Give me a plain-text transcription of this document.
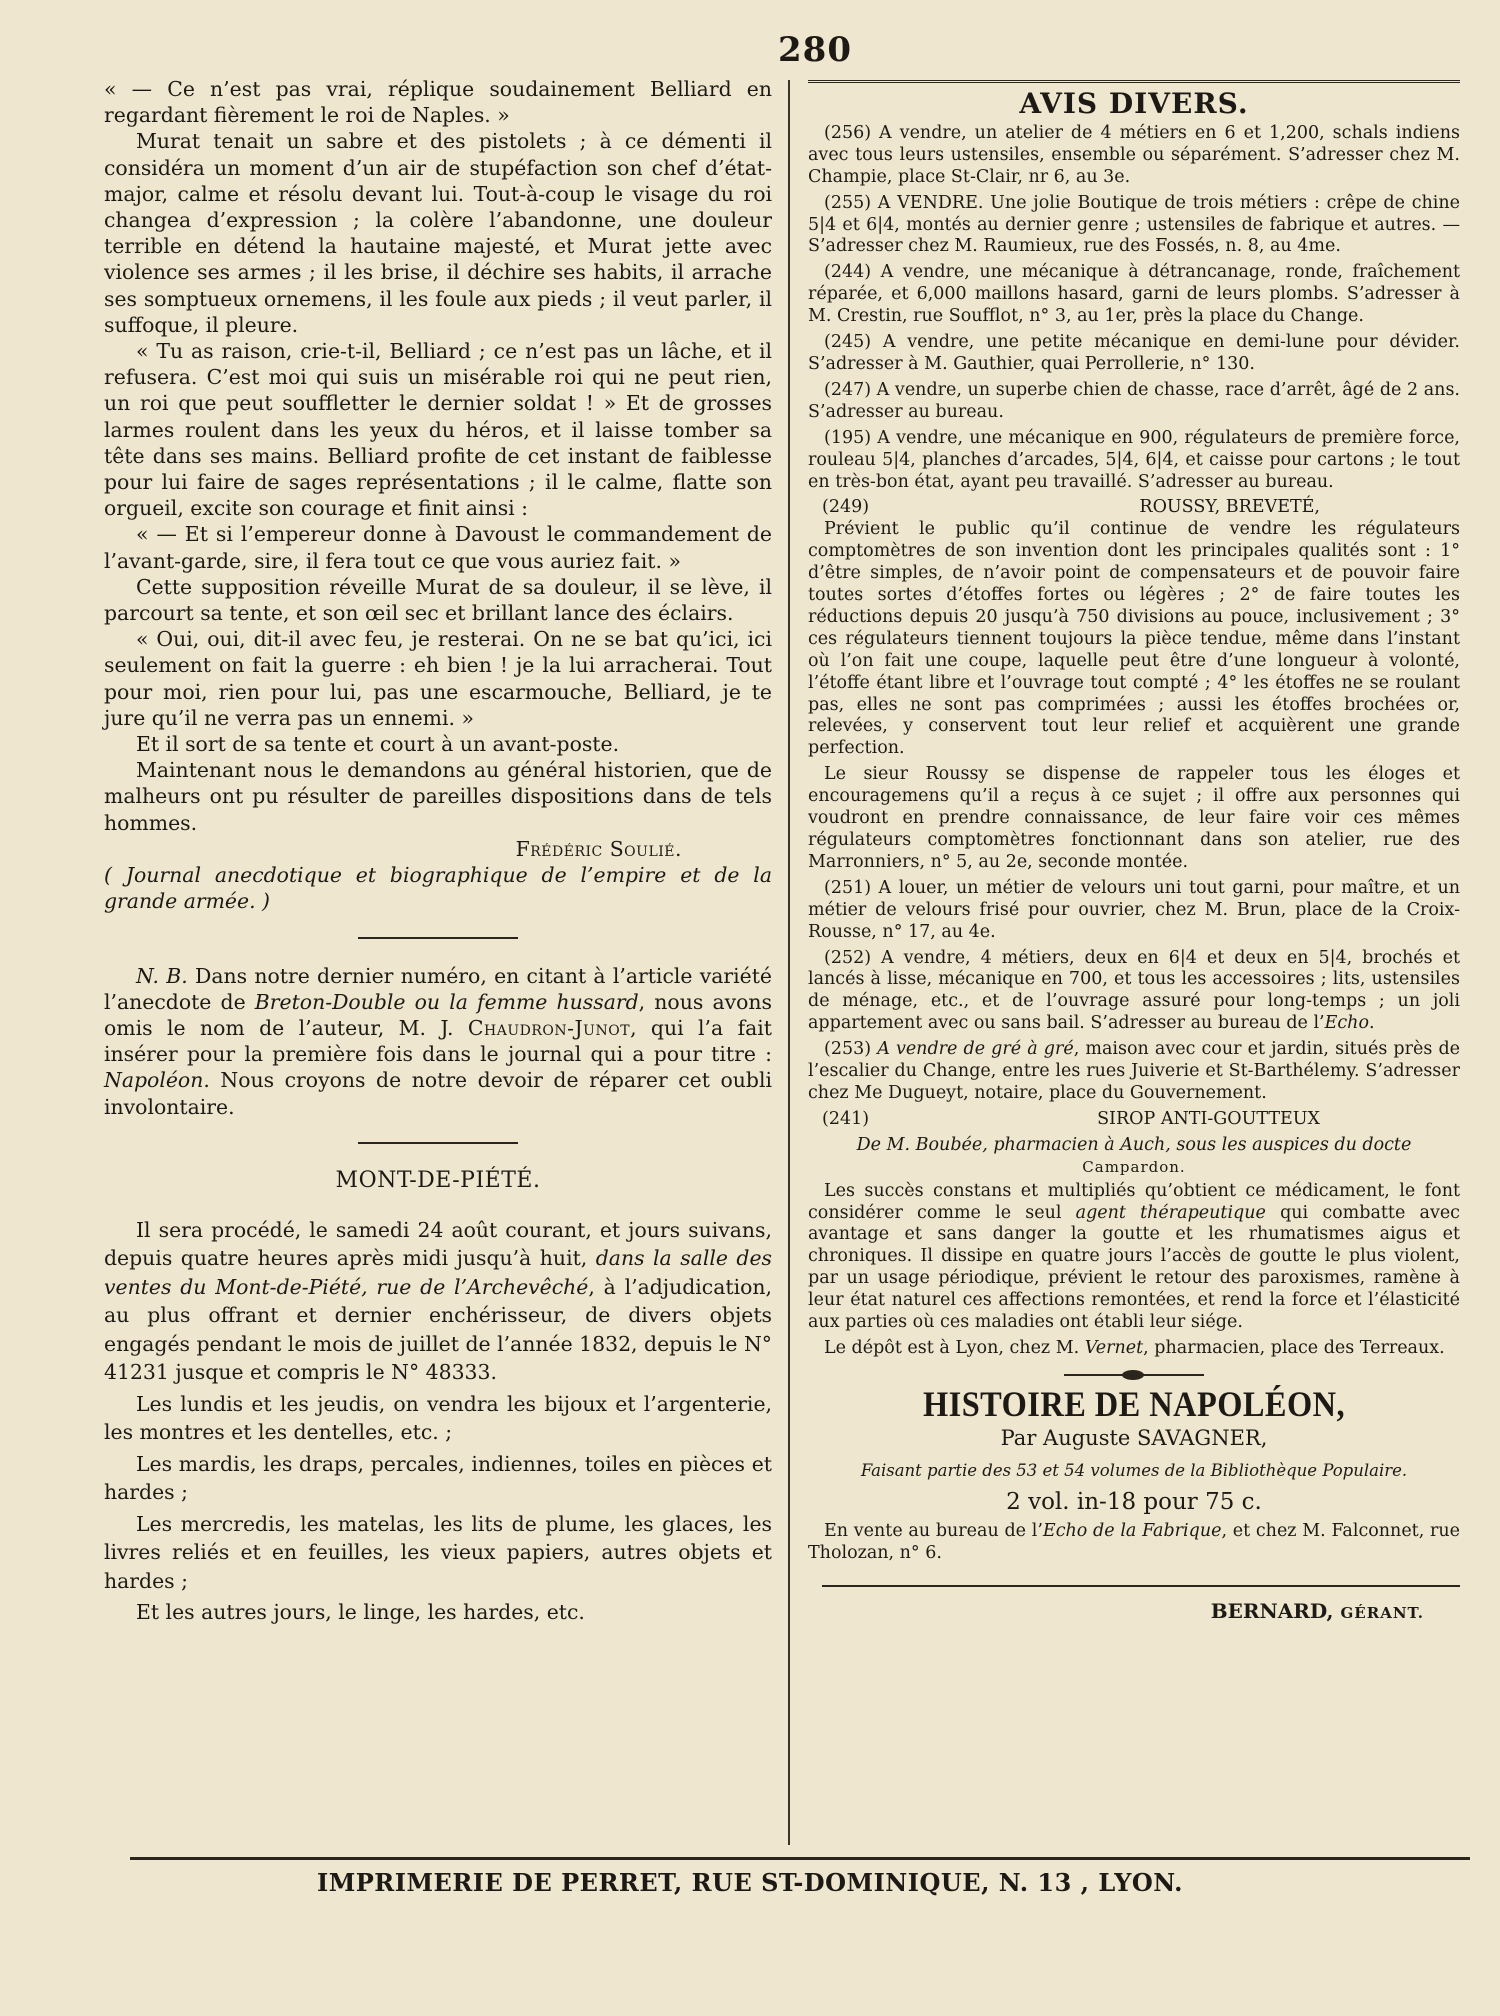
280

« — Ce n’est pas vrai, réplique soudainement Belliard en regardant fièrement le roi de Naples. »

Murat tenait un sabre et des pistolets ; à ce démenti il considéra un moment d’un air de stupéfaction son chef d’état-major, calme et résolu devant lui. Tout-à-coup le visage du roi changea d’expression ; la colère l’abandonne, une douleur terrible en détend la hautaine majesté, et Murat jette avec violence ses armes ; il les brise, il déchire ses habits, il arrache ses somptueux ornemens, il les foule aux pieds ; il veut parler, il suffoque, il pleure.

« Tu as raison, crie-t-il, Belliard ; ce n’est pas un lâche, et il refusera. C’est moi qui suis un misérable roi qui ne peut rien, un roi que peut souffletter le dernier soldat ! » Et de grosses larmes roulent dans les yeux du héros, et il laisse tomber sa tête dans ses mains. Belliard profite de cet instant de faiblesse pour lui faire de sages représentations ; il le calme, flatte son orgueil, excite son courage et finit ainsi :

« — Et si l’empereur donne à Davoust le commandement de l’avant-garde, sire, il fera tout ce que vous auriez fait. »

Cette supposition réveille Murat de sa douleur, il se lève, il parcourt sa tente, et son œil sec et brillant lance des éclairs.

« Oui, oui, dit-il avec feu, je resterai. On ne se bat qu’ici, ici seulement on fait la guerre : eh bien ! je la lui arracherai. Tout pour moi, rien pour lui, pas une escarmouche, Belliard, je te jure qu’il ne verra pas un ennemi. »

Et il sort de sa tente et court à un avant-poste.

Maintenant nous le demandons au général historien, que de malheurs ont pu résulter de pareilles dispositions dans de tels hommes.

Frédéric Soulié.

( Journal anecdotique et biographique de l’empire et de la grande armée. )

N. B. Dans notre dernier numéro, en citant à l’article variété l’anecdote de Breton-Double ou la femme hussard, nous avons omis le nom de l’auteur, M. J. Chaudron-Junot, qui l’a fait insérer pour la première fois dans le journal qui a pour titre : Napoléon. Nous croyons de notre devoir de réparer cet oubli involontaire.

MONT-DE-PIÉTÉ.

Il sera procédé, le samedi 24 août courant, et jours suivans, depuis quatre heures après midi jusqu’à huit, dans la salle des ventes du Mont-de-Piété, rue de l’Archevêché, à l’adjudication, au plus offrant et dernier enchérisseur, de divers objets engagés pendant le mois de juillet de l’année 1832, depuis le N° 41231 jusque et compris le N° 48333.

Les lundis et les jeudis, on vendra les bijoux et l’argenterie, les montres et les dentelles, etc. ;

Les mardis, les draps, percales, indiennes, toiles en pièces et hardes ;

Les mercredis, les matelas, les lits de plume, les glaces, les livres reliés et en feuilles, les vieux papiers, autres objets et hardes ;

Et les autres jours, le linge, les hardes, etc.

AVIS DIVERS.

(256) A vendre, un atelier de 4 métiers en 6 et 1,200, schals indiens avec tous leurs ustensiles, ensemble ou séparément. S’adresser chez M. Champie, place St-Clair, nr 6, au 3e.

(255) A VENDRE. Une jolie Boutique de trois métiers : crêpe de chine 5|4 et 6|4, montés au dernier genre ; ustensiles de fabrique et autres. — S’adresser chez M. Raumieux, rue des Fossés, n. 8, au 4me.

(244) A vendre, une mécanique à détrancanage, ronde, fraîchement réparée, et 6,000 maillons hasard, garni de leurs plombs. S’adresser à M. Crestin, rue Soufflot, n° 3, au 1er, près la place du Change.

(245) A vendre, une petite mécanique en demi-lune pour dévider. S’adresser à M. Gauthier, quai Perrollerie, n° 130.

(247) A vendre, un superbe chien de chasse, race d’arrêt, âgé de 2 ans. S’adresser au bureau.

(195) A vendre, une mécanique en 900, régulateurs de première force, rouleau 5|4, planches d’arcades, 5|4, 6|4, et caisse pour cartons ; le tout en très-bon état, ayant peu travaillé. S’adresser au bureau.

(249)	ROUSSY, BREVETÉ,

Prévient le public qu’il continue de vendre les régulateurs comptomètres de son invention dont les principales qualités sont : 1° d’être simples, de n’avoir point de compensateurs et de pouvoir faire toutes sortes d’étoffes fortes ou légères ; 2° de faire toutes les réductions depuis 20 jusqu’à 750 divisions au pouce, inclusivement ; 3° ces régulateurs tiennent toujours la pièce tendue, même dans l’instant où l’on fait une coupe, laquelle peut être d’une longueur à volonté, l’étoffe étant libre et l’ouvrage tout compté ; 4° les étoffes ne se roulant pas, elles ne sont pas comprimées ; aussi les étoffes brochées or, relevées, y conservent tout leur relief et acquièrent une grande perfection.

Le sieur Roussy se dispense de rappeler tous les éloges et encouragemens qu’il a reçus à ce sujet ; il offre aux personnes qui voudront en prendre connaissance, de leur faire voir ces mêmes régulateurs comptomètres fonctionnant dans son atelier, rue des Marronniers, n° 5, au 2e, seconde montée.

(251) A louer, un métier de velours uni tout garni, pour maître, et un métier de velours frisé pour ouvrier, chez M. Brun, place de la Croix-Rousse, n° 17, au 4e.

(252) A vendre, 4 métiers, deux en 6|4 et deux en 5|4, brochés et lancés à lisse, mécanique en 700, et tous les accessoires ; lits, ustensiles de ménage, etc., et de l’ouvrage assuré pour long-temps ; un joli appartement avec ou sans bail. S’adresser au bureau de l’Echo.

(253) A vendre de gré à gré, maison avec cour et jardin, situés près de l’escalier du Change, entre les rues Juiverie et St-Barthélemy. S’adresser chez Me Dugueyt, notaire, place du Gouvernement.

(241)	SIROP ANTI-GOUTTEUX
De M. Boubée, pharmacien à Auch, sous les auspices du docte
Campardon.

Les succès constans et multipliés qu’obtient ce médicament, le font considérer comme le seul agent thérapeutique qui combatte avec avantage et sans danger la goutte et les rhumatismes aigus et chroniques. Il dissipe en quatre jours l’accès de goutte le plus violent, par un usage périodique, prévient le retour des paroxismes, ramène à leur état naturel ces affections remontées, et rend la force et l’élasticité aux parties où ces maladies ont établi leur siége.

Le dépôt est à Lyon, chez M. Vernet, pharmacien, place des Terreaux.

HISTOIRE DE NAPOLÉON,
Par Auguste SAVAGNER,
Faisant partie des 53 et 54 volumes de la Bibliothèque Populaire.
2 vol. in-18 pour 75 c.

En vente au bureau de l’Echo de la Fabrique, et chez M. Falconnet, rue Tholozan, n° 6.

BERNARD, GÉRANT.

IMPRIMERIE DE PERRET, RUE ST-DOMINIQUE, N. 13 , LYON.
